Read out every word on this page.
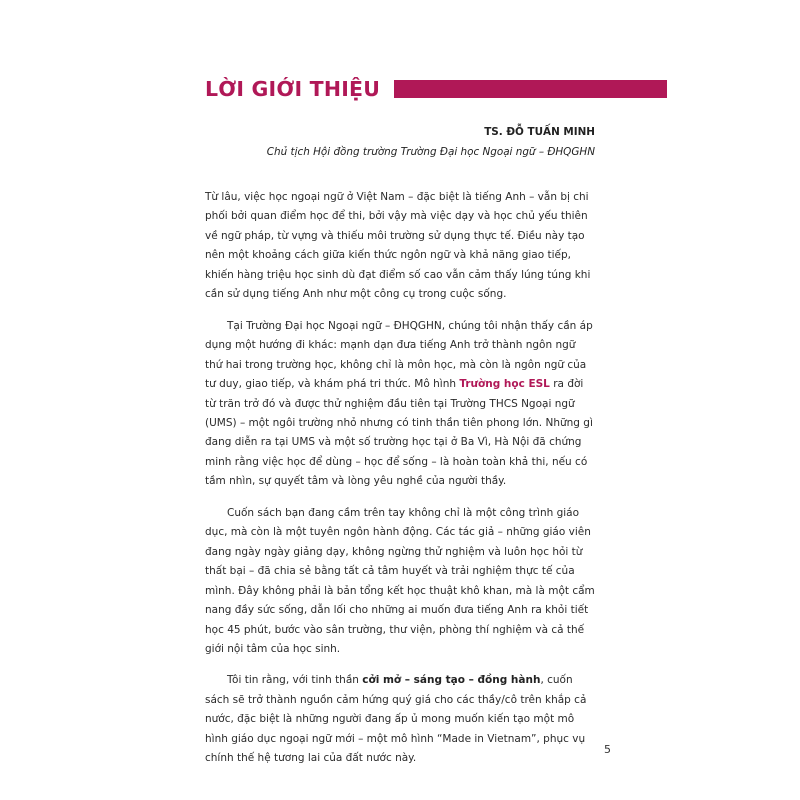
LỜI GIỚI THIỆU
TS. ĐỖ TUẤN MINH
Chủ tịch Hội đồng trường Trường Đại học Ngoại ngữ – ĐHQGHN

Từ lâu, việc học ngoại ngữ ở Việt Nam – đặc biệt là tiếng Anh – vẫn bị chi phối bởi quan điểm học để thi, bởi vậy mà việc dạy và học chủ yếu thiên về ngữ pháp, từ vựng và thiếu môi trường sử dụng thực tế. Điều này tạo nên một khoảng cách giữa kiến thức ngôn ngữ và khả năng giao tiếp, khiến hàng triệu học sinh dù đạt điểm số cao vẫn cảm thấy lúng túng khi cần sử dụng tiếng Anh như một công cụ trong cuộc sống.

Tại Trường Đại học Ngoại ngữ – ĐHQGHN, chúng tôi nhận thấy cần áp dụng một hướng đi khác: mạnh dạn đưa tiếng Anh trở thành ngôn ngữ thứ hai trong trường học, không chỉ là môn học, mà còn là ngôn ngữ của tư duy, giao tiếp, và khám phá tri thức. Mô hình Trường học ESL ra đời từ trăn trở đó và được thử nghiệm đầu tiên tại Trường THCS Ngoại ngữ (UMS) – một ngôi trường nhỏ nhưng có tinh thần tiên phong lớn. Những gì đang diễn ra tại UMS và một số trường học tại ở Ba Vì, Hà Nội đã chứng minh rằng việc học để dùng – học để sống – là hoàn toàn khả thi, nếu có tầm nhìn, sự quyết tâm và lòng yêu nghề của người thầy.

Cuốn sách bạn đang cầm trên tay không chỉ là một công trình giáo dục, mà còn là một tuyên ngôn hành động. Các tác giả – những giáo viên đang ngày ngày giảng dạy, không ngừng thử nghiệm và luôn học hỏi từ thất bại – đã chia sẻ bằng tất cả tâm huyết và trải nghiệm thực tế của mình. Đây không phải là bản tổng kết học thuật khô khan, mà là một cẩm nang đầy sức sống, dẫn lối cho những ai muốn đưa tiếng Anh ra khỏi tiết học 45 phút, bước vào sân trường, thư viện, phòng thí nghiệm và cả thế giới nội tâm của học sinh.

Tôi tin rằng, với tinh thần cởi mở – sáng tạo – đồng hành, cuốn sách sẽ trở thành nguồn cảm hứng quý giá cho các thầy/cô trên khắp cả nước, đặc biệt là những người đang ấp ủ mong muốn kiến tạo một mô hình giáo dục ngoại ngữ mới – một mô hình “Made in Vietnam”, phục vụ chính thế hệ tương lai của đất nước này.

5
